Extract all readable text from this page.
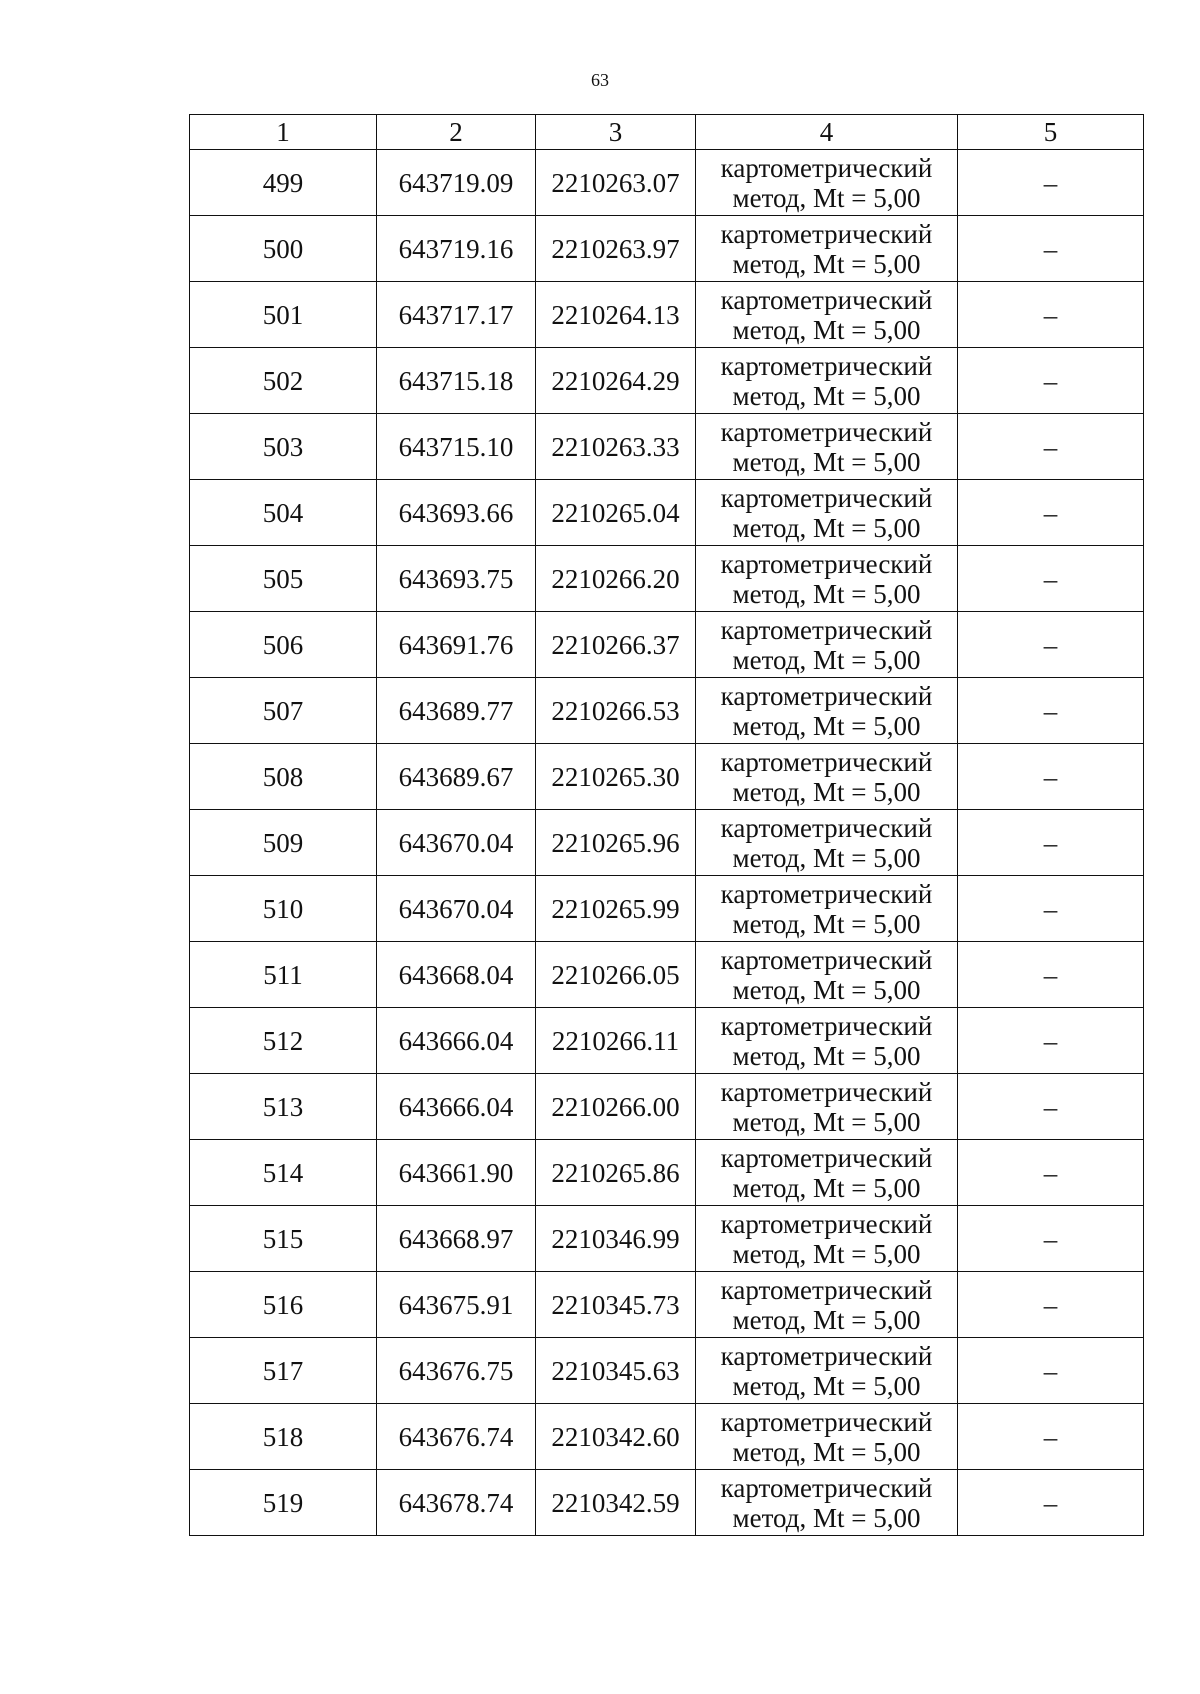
63
1	2	3	4	5
499	643719.09	2210263.07	картометрический
метод, Mt = 5,00	–
500	643719.16	2210263.97	картометрический
метод, Mt = 5,00	–
501	643717.17	2210264.13	картометрический
метод, Mt = 5,00	–
502	643715.18	2210264.29	картометрический
метод, Mt = 5,00	–
503	643715.10	2210263.33	картометрический
метод, Mt = 5,00	–
504	643693.66	2210265.04	картометрический
метод, Mt = 5,00	–
505	643693.75	2210266.20	картометрический
метод, Mt = 5,00	–
506	643691.76	2210266.37	картометрический
метод, Mt = 5,00	–
507	643689.77	2210266.53	картометрический
метод, Mt = 5,00	–
508	643689.67	2210265.30	картометрический
метод, Mt = 5,00	–
509	643670.04	2210265.96	картометрический
метод, Mt = 5,00	–
510	643670.04	2210265.99	картометрический
метод, Mt = 5,00	–
511	643668.04	2210266.05	картометрический
метод, Mt = 5,00	–
512	643666.04	2210266.11	картометрический
метод, Mt = 5,00	–
513	643666.04	2210266.00	картометрический
метод, Mt = 5,00	–
514	643661.90	2210265.86	картометрический
метод, Mt = 5,00	–
515	643668.97	2210346.99	картометрический
метод, Mt = 5,00	–
516	643675.91	2210345.73	картометрический
метод, Mt = 5,00	–
517	643676.75	2210345.63	картометрический
метод, Mt = 5,00	–
518	643676.74	2210342.60	картометрический
метод, Mt = 5,00	–
519	643678.74	2210342.59	картометрический
метод, Mt = 5,00	–
